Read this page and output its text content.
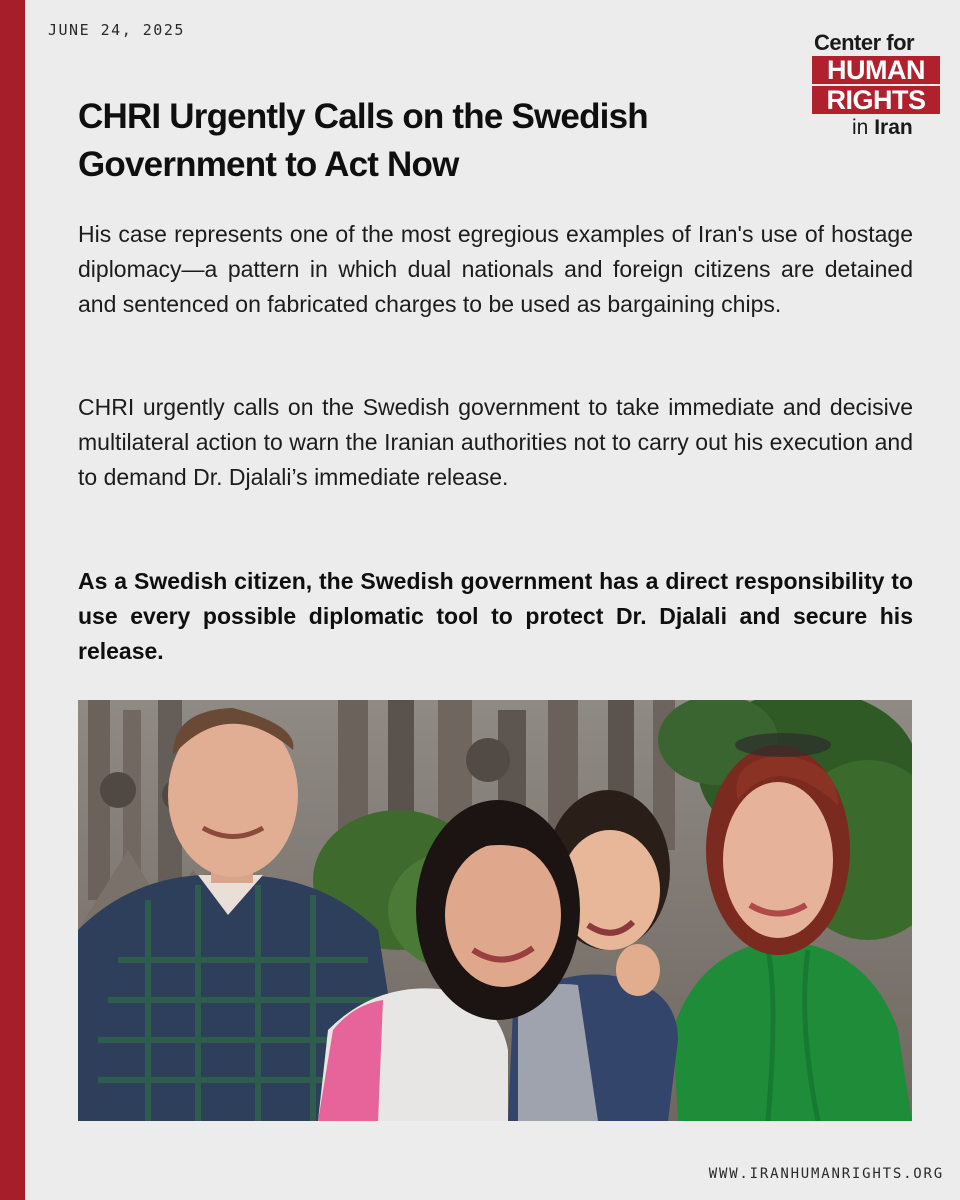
JUNE 24, 2025	Center for
HUMAN
RIGHTS
in Iran
CHRI Urgently Calls on the Swedish Government to Act Now

His case represents one of the most egregious examples of Iran's use of hostage diplomacy—a pattern in which dual nationals and foreign citizens are detained and sentenced on fabricated charges to be used as bargaining chips.

CHRI urgently calls on the Swedish government to take immediate and decisive multilateral action to warn the Iranian authorities not to carry out his execution and to demand Dr. Djalali’s immediate release.

As a Swedish citizen, the Swedish government has a direct responsibility to use every possible diplomatic tool to protect Dr. Djalali and secure his release.

WWW.IRANHUMANRIGHTS.ORG
